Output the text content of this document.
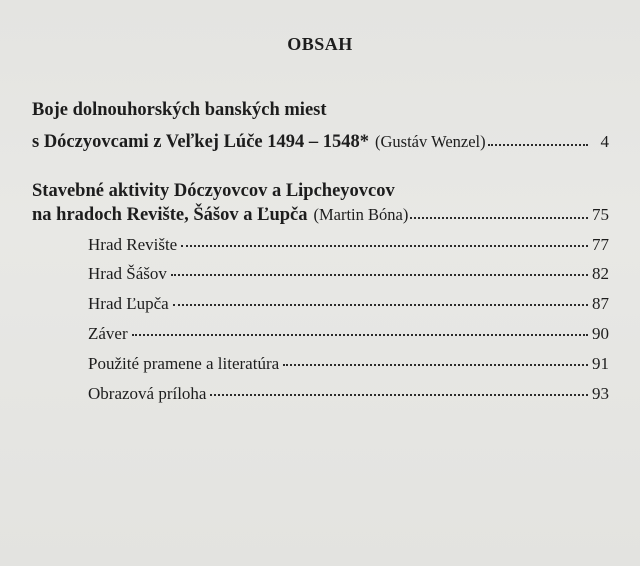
OBSAH
Boje dolnouhorských banských miest
s Dóczyovcami z Veľkej Lúče 1494 – 1548* (Gustáv Wenzel)	4
Stavebné aktivity Dóczyovcov a Lipcheyovcov
na hradoch Revište, Šášov a Ľupča (Martin Bóna)	75
Hrad Revište	77
Hrad Šášov	82
Hrad Ľupča	87
Záver	90
Použité pramene a literatúra	91
Obrazová príloha	93
